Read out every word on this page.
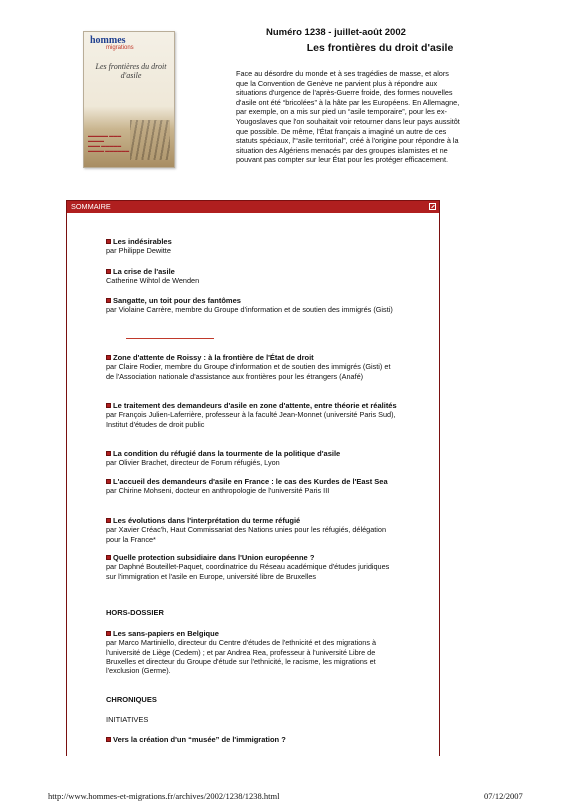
hommes
migrations
Les frontières du droit d'asile
▬▬▬▬▬ ▬▬▬ ▬▬▬▬
▬▬▬ ▬▬▬▬▬
▬▬▬▬ ▬▬▬▬▬▬
Numéro 1238 - juillet-août 2002
Les frontières du droit d'asile
Face au désordre du monde et à ses tragédies de masse, et alors que la Convention de Genève ne parvient plus à répondre aux situations d'urgence de l'après-Guerre froide, des formes nouvelles d'asile ont été “bricolées” à la hâte par les Européens. En Allemagne, par exemple, on a mis sur pied un “asile temporaire”, pour les ex-Yougoslaves que l'on souhaitait voir retourner dans leur pays aussitôt que possible. De même, l'État français a imaginé un autre de ces statuts spéciaux, l'“asile territorial”, créé à l'origine pour répondre à la situation des Algériens menacés par des groupes islamistes et ne pouvant pas compter sur leur État pour les protéger efficacement.
SOMMAIRE
Les indésirables
par Philippe Dewitte
La crise de l'asile
Catherine Wihtol de Wenden
Sangatte, un toit pour des fantômes
par Violaine Carrère, membre du Groupe d'information et de soutien des immigrés (Gisti)
Zone d'attente de Roissy : à la frontière de l'État de droit
par Claire Rodier, membre du Groupe d'information et de soutien des immigrés (Gisti) et de l'Association nationale d'assistance aux frontières pour les étrangers (Anafé)
Le traitement des demandeurs d'asile en zone d'attente, entre théorie et réalités
par François Julien-Laferrière, professeur à la faculté Jean-Monnet (université Paris Sud), Institut d'études de droit public
La condition du réfugié dans la tourmente de la politique d'asile
par Olivier Brachet, directeur de Forum réfugiés, Lyon
L'accueil des demandeurs d'asile en France : le cas des Kurdes de l'East Sea
par Chirine Mohseni, docteur en anthropologie de l'université Paris III
Les évolutions dans l'interprétation du terme réfugié
par Xavier Créac'h, Haut Commissariat des Nations unies pour les réfugiés, délégation pour la France*
Quelle protection subsidiaire dans l'Union européenne ?
par Daphné Bouteillet-Paquet, coordinatrice du Réseau académique d'études juridiques sur l'immigration et l'asile en Europe, université libre de Bruxelles
HORS-DOSSIER
Les sans-papiers en Belgique
par Marco Martiniello, directeur du Centre d'études de l'ethnicité et des migrations à l'université de Liège (Cedem) ; et par Andrea Rea, professeur à l'université Libre de Bruxelles et directeur du Groupe d'étude sur l'ethnicité, le racisme, les migrations et l'exclusion (Germe).
CHRONIQUES
INITIATIVES
Vers la création d'un “musée” de l'immigration ?
http://www.hommes-et-migrations.fr/archives/2002/1238/1238.html	07/12/2007
